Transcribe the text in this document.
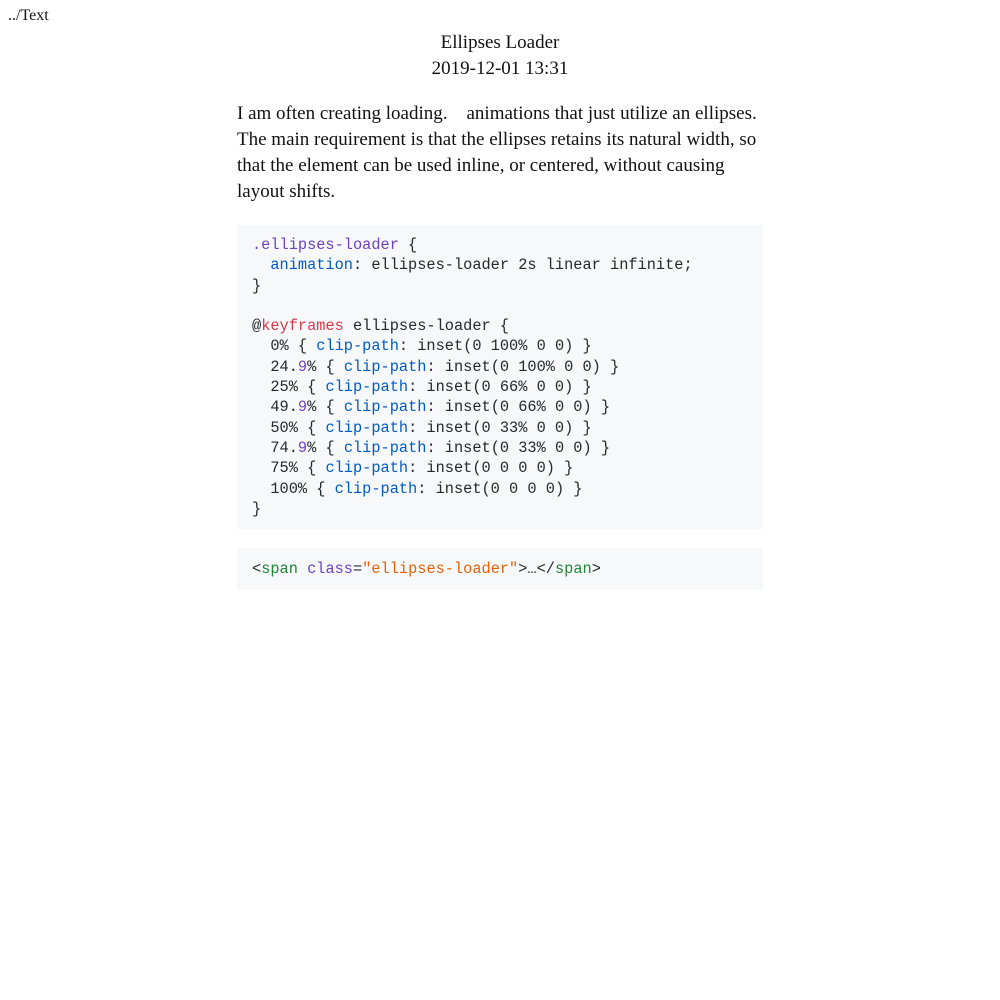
../Text
Ellipses Loader
2019-12-01 13:31

I am often creating loading.    animations that just utilize an ellipses. The main requirement is that the ellipses retains its natural width, so that the element can be used inline, or centered, without causing layout shifts.

.ellipses-loader {
animation: ellipses-loader 2s linear infinite;
}
@keyframes ellipses-loader {
0% { clip-path: inset(0 100% 0 0) }
24.9% { clip-path: inset(0 100% 0 0) }
25% { clip-path: inset(0 66% 0 0) }
49.9% { clip-path: inset(0 66% 0 0) }
50% { clip-path: inset(0 33% 0 0) }
74.9% { clip-path: inset(0 33% 0 0) }
75% { clip-path: inset(0 0 0 0) }
100% { clip-path: inset(0 0 0 0) }
}
<span class="ellipses-loader">…</span>
